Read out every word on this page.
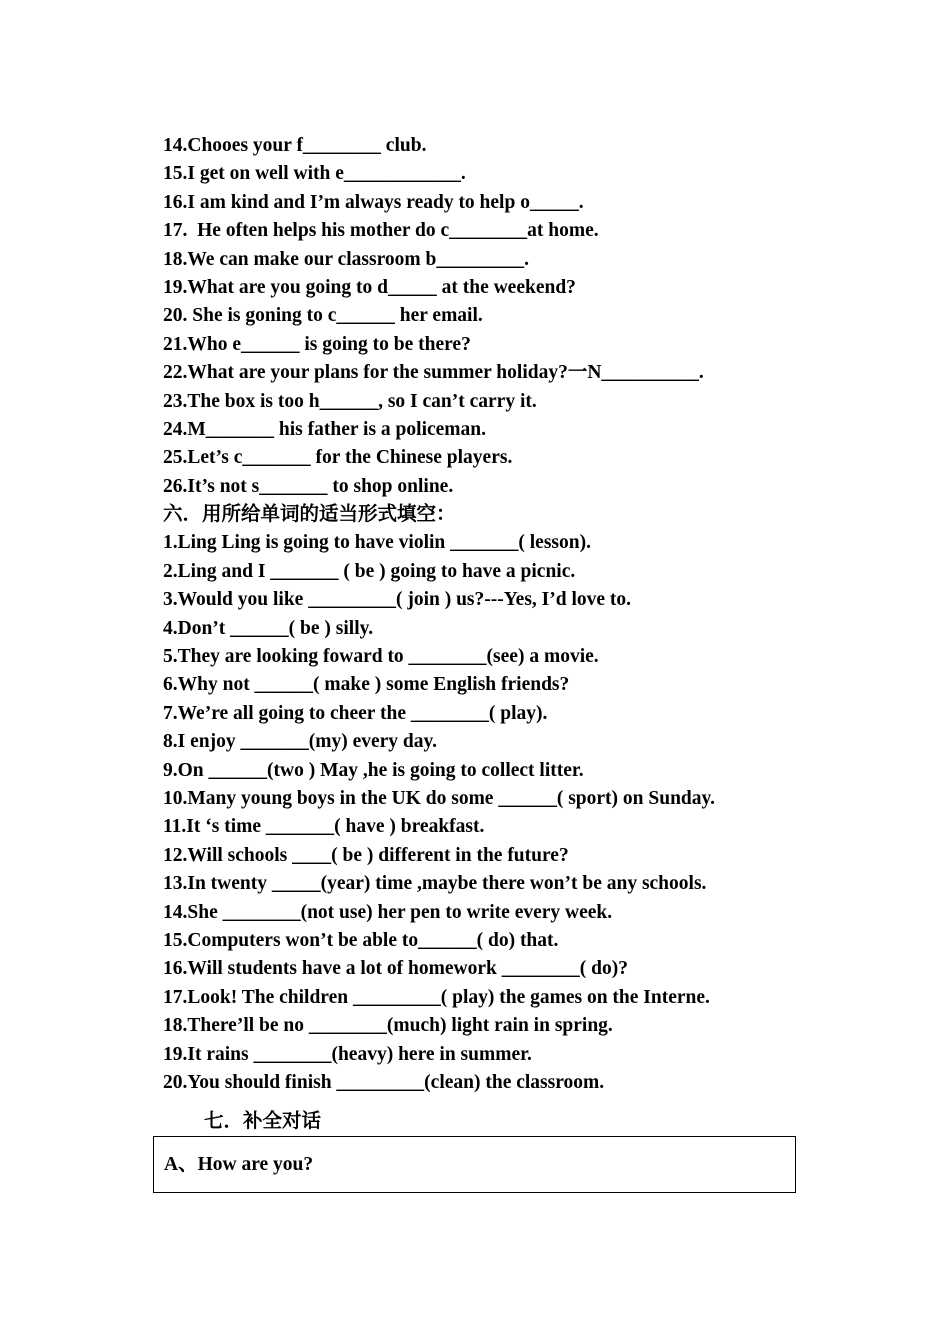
14.Chooes your f________ club.
15.I get on well with e____________.
16.I am kind and I’m always ready to help o_____.
17.  He often helps his mother do c________at home.
18.We can make our classroom b_________.
19.What are you going to d_____ at the weekend?
20. She is goning to c______ her email.
21.Who e______ is going to be there?
22.What are your plans for the summer holiday?一N__________.
23.The box is too h______, so I can’t carry it.
24.M_______ his father is a policeman.
25.Let’s c_______ for the Chinese players.
26.It’s not s_______ to shop online.
六．用所给单词的适当形式填空：
1.Ling Ling is going to have violin _______( lesson).
2.Ling and I _______ ( be ) going to have a picnic.
3.Would you like _________( join ) us?---Yes, I’d love to.
4.Don’t ______( be ) silly.
5.They are looking foward to ________(see) a movie.
6.Why not ______( make ) some English friends?
7.We’re all going to cheer the ________( play).
8.I enjoy _______(my) every day.
9.On ______(two ) May ,he is going to collect litter.
10.Many young boys in the UK do some ______( sport) on Sunday.
11.It ‘s time _______( have ) breakfast.
12.Will schools ____( be ) different in the future?
13.In twenty _____(year) time ,maybe there won’t be any schools.
14.She ________(not use) her pen to write every week.
15.Computers won’t be able to______( do) that.
16.Will students have a lot of homework ________( do)?
17.Look! The children _________( play) the games on the Interne.
18.There’ll be no ________(much) light rain in spring.
19.It rains ________(heavy) here in summer.
20.You should finish _________(clean) the classroom.
七．补全对话
A、How are you?
